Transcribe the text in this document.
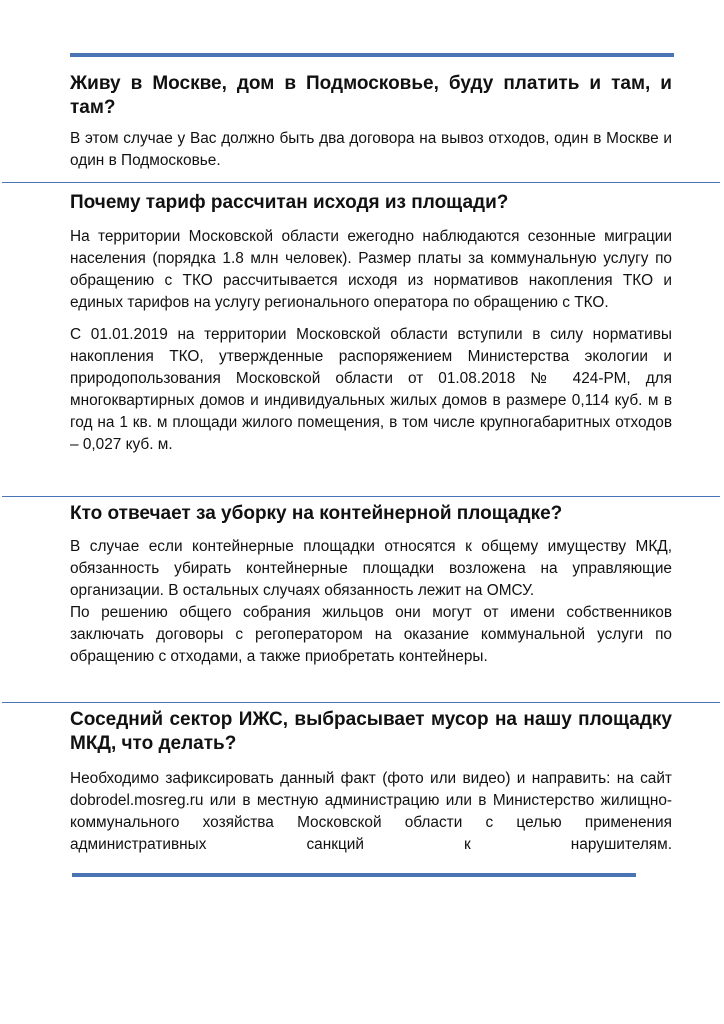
Живу в Москве, дом в Подмосковье, буду платить и там, и там?

В этом случае у Вас должно быть два договора на вывоз отходов, один в Москве и один в Подмосковье.

Почему тариф рассчитан исходя из площади?

На территории Московской области ежегодно наблюдаются сезонные миграции населения (порядка 1.8 млн человек). Размер платы за коммунальную услугу по обращению с ТКО рассчитывается исходя из нормативов накопления ТКО и единых тарифов на услугу регионального оператора по обращению с ТКО.

С 01.01.2019 на территории Московской области вступили в силу нормативы накопления ТКО, утвержденные распоряжением Министерства экологии и природопользования Московской области от 01.08.2018 № 424-РМ, для многоквартирных домов и индивидуальных жилых домов в размере 0,114 куб. м в год на 1 кв. м площади жилого помещения, в том числе крупногабаритных отходов – 0,027 куб. м.

Кто отвечает за уборку на контейнерной площадке?

В случае если контейнерные площадки относятся к общему имуществу МКД, обязанность убирать контейнерные площадки возложена на управляющие организации. В остальных случаях обязанность лежит на ОМСУ.

По решению общего собрания жильцов они могут от имени собственников заключать договоры с регоператором на оказание коммунальной услуги по обращению с отходами, а также приобретать контейнеры.

Соседний сектор ИЖС, выбрасывает мусор на нашу площадку МКД, что делать?

Необходимо зафиксировать данный факт (фото или видео) и направить: на сайт dobrodel.mosreg.ru или в местную администрацию или в Министерство жилищно-коммунального хозяйства Московской области с целью применения административных санкций к нарушителям.
